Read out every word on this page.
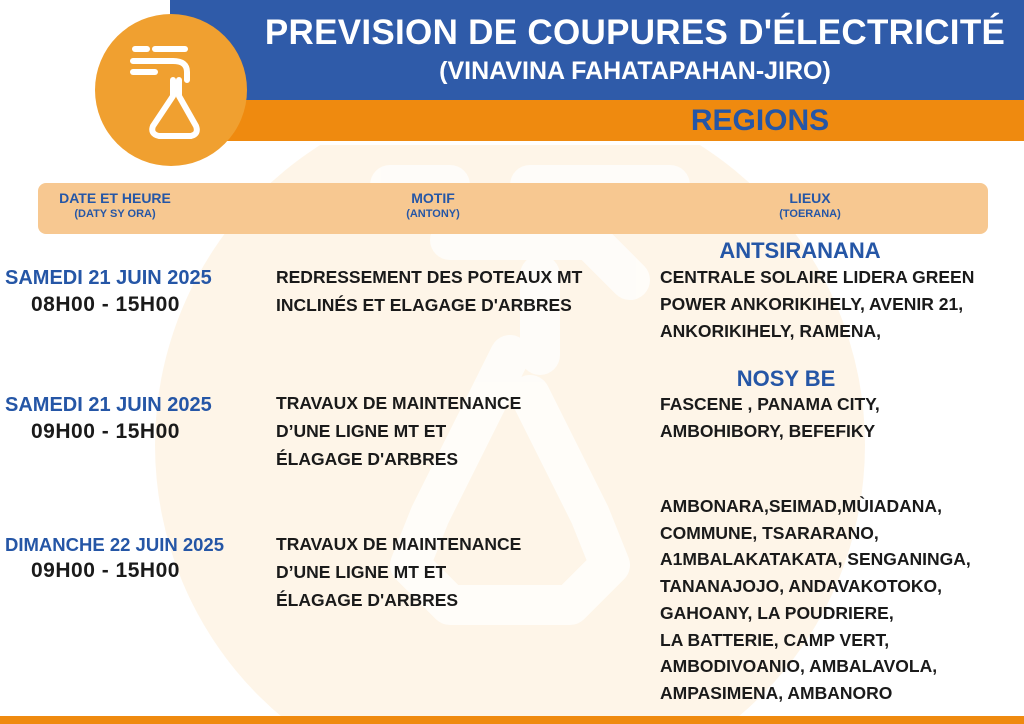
PREVISION DE COUPURES D'ÉLECTRICITÉ
(VINAVINA FAHATAPAHAN-JIRO)
REGIONS
DATE ET HEURE
(DATY SY ORA)
MOTIF
(ANTONY)
LIEUX
(TOERANA)
ANTSIRANANA
SAMEDI 21 JUIN 2025
08H00 - 15H00
REDRESSEMENT DES POTEAUX MT
INCLINÉS ET ELAGAGE D'ARBRES
CENTRALE SOLAIRE LIDERA GREEN
POWER ANKORIKIHELY, AVENIR 21,
ANKORIKIHELY, RAMENA,
NOSY BE
SAMEDI 21 JUIN 2025
09H00 - 15H00
TRAVAUX DE MAINTENANCE
D’UNE LIGNE MT ET
ÉLAGAGE D'ARBRES
FASCENE , PANAMA CITY,
AMBOHIBORY, BEFEFIKY
DIMANCHE 22 JUIN 2025
09H00 - 15H00
TRAVAUX DE MAINTENANCE
D’UNE LIGNE MT ET
ÉLAGAGE D'ARBRES
AMBONARA,SEIMAD,MÙIADANA,
COMMUNE, TSARARANO,
A1MBALAKATAKATA, SENGANINGA,
TANANAJOJO, ANDAVAKOTOKO,
GAHOANY, LA POUDRIERE,
LA BATTERIE, CAMP VERT,
AMBODIVOANIO, AMBALAVOLA,
AMPASIMENA, AMBANORO
